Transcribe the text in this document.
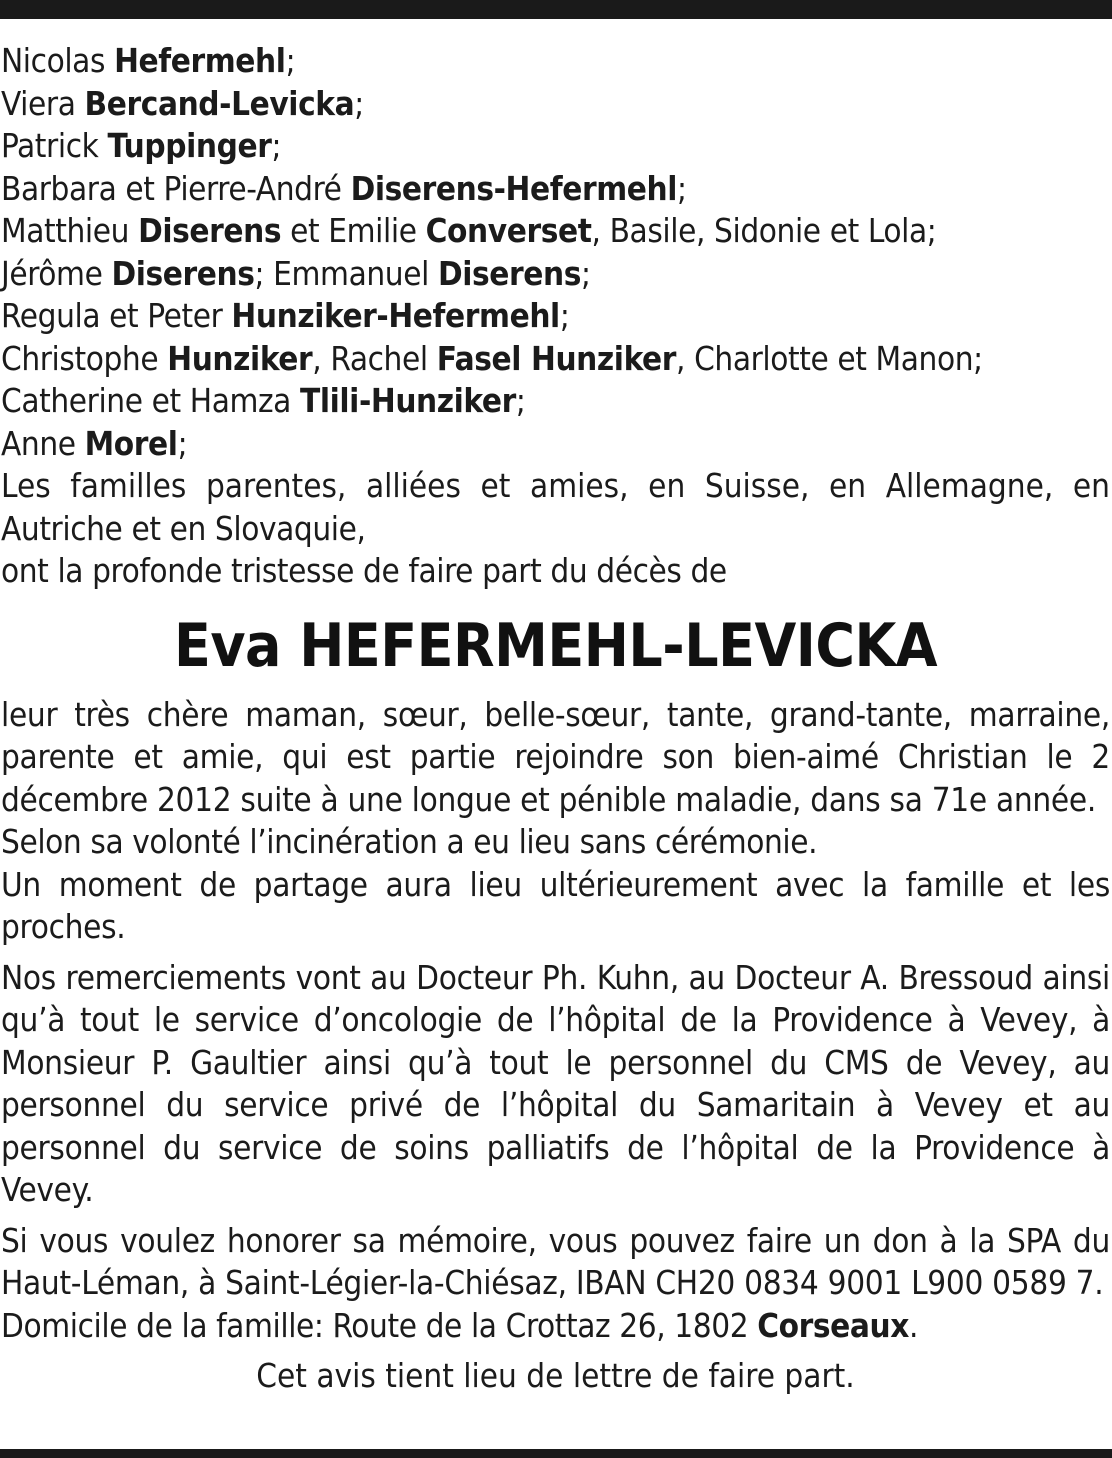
Nicolas Hefermehl;
Viera Bercand-Levicka;
Patrick Tuppinger;
Barbara et Pierre-André Diserens-Hefermehl;
Matthieu Diserens et Emilie Converset, Basile, Sidonie et Lola;
Jérôme Diserens; Emmanuel Diserens;
Regula et Peter Hunziker-Hefermehl;
Christophe Hunziker, Rachel Fasel Hunziker, Charlotte et Manon;
Catherine et Hamza Tlili-Hunziker;
Anne Morel;
Les familles parentes, alliées et amies, en Suisse, en Allemagne, en
Autriche et en Slovaquie,
ont la profonde tristesse de faire part du décès de
Eva HEFERMEHL-LEVICKA
leur très chère maman, sœur, belle-sœur, tante, grand-tante, marraine, parente et amie, qui est partie rejoindre son bien-aimé Christian le 2 décembre 2012 suite à une longue et pénible maladie, dans sa 71e année.
Selon sa volonté l’incinération a eu lieu sans cérémonie.
Un moment de partage aura lieu ultérieurement avec la famille et les proches.
Nos remerciements vont au Docteur Ph. Kuhn, au Docteur A. Bressoud ainsi qu’à tout le service d’oncologie de l’hôpital de la Providence à Vevey, à Monsieur P. Gaultier ainsi qu’à tout le personnel du CMS de Vevey, au personnel du service privé de l’hôpital du Samaritain à Vevey et au personnel du service de soins palliatifs de l’hôpital de la Providence à Vevey.
Si vous voulez honorer sa mémoire, vous pouvez faire un don à la SPA du Haut-Léman, à Saint-Légier-la-Chiésaz, IBAN CH20 0834 9001 L900 0589 7.
Domicile de la famille: Route de la Crottaz 26, 1802 Corseaux.
Cet avis tient lieu de lettre de faire part.
